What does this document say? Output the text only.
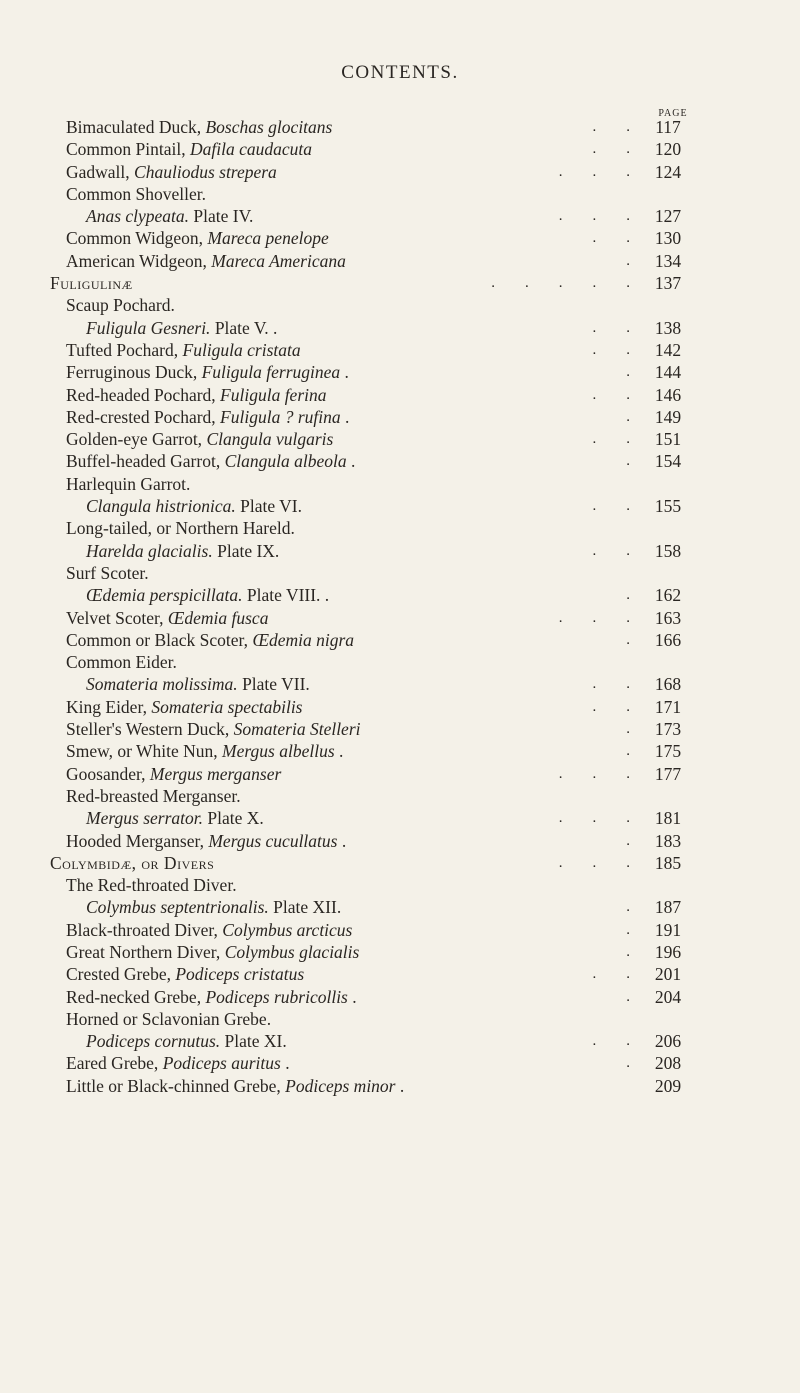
CONTENTS.
PAGE
Bimaculated Duck, Boschas glocitans	117
.        .
Common Pintail, Dafila caudacuta	120
.        .
Gadwall, Chauliodus strepera	124
.        .        .
Common Shoveller.
Anas clypeata. Plate IV.	127
.        .        .
Common Widgeon, Mareca penelope	130
.        .
American Widgeon, Mareca Americana	134
.
Fuligulinæ	137
.        .        .        .        .
Scaup Pochard.
Fuligula Gesneri. Plate V. .	138
.        .
Tufted Pochard, Fuligula cristata	142
.        .
Ferruginous Duck, Fuligula ferruginea .	144
.
Red-headed Pochard, Fuligula ferina	146
.        .
Red-crested Pochard, Fuligula ? rufina .	149
.
Golden-eye Garrot, Clangula vulgaris	151
.        .
Buffel-headed Garrot, Clangula albeola .	154
.
Harlequin Garrot.
Clangula histrionica. Plate VI.	155
.        .
Long-tailed, or Northern Hareld.
Harelda glacialis. Plate IX.	158
.        .
Surf Scoter.
Œdemia perspicillata. Plate VIII. .	162
.
Velvet Scoter, Œdemia fusca	163
.        .        .
Common or Black Scoter, Œdemia nigra	166
.
Common Eider.
Somateria molissima. Plate VII.	168
.        .
King Eider, Somateria spectabilis	171
.        .
Steller's Western Duck, Somateria Stelleri	173
.
Smew, or White Nun, Mergus albellus .	175
.
Goosander, Mergus merganser	177
.        .        .
Red-breasted Merganser.
Mergus serrator. Plate X.	181
.        .        .
Hooded Merganser, Mergus cucullatus .	183
.
Colymbidæ, or Divers	185
.        .        .
The Red-throated Diver.
Colymbus septentrionalis. Plate XII.	187
.
Black-throated Diver, Colymbus arcticus	191
.
Great Northern Diver, Colymbus glacialis	196
.
Crested Grebe, Podiceps cristatus	201
.        .
Red-necked Grebe, Podiceps rubricollis .	204
.
Horned or Sclavonian Grebe.
Podiceps cornutus. Plate XI.	206
.        .
Eared Grebe, Podiceps auritus .	208
.
Little or Black-chinned Grebe, Podiceps minor .	209
